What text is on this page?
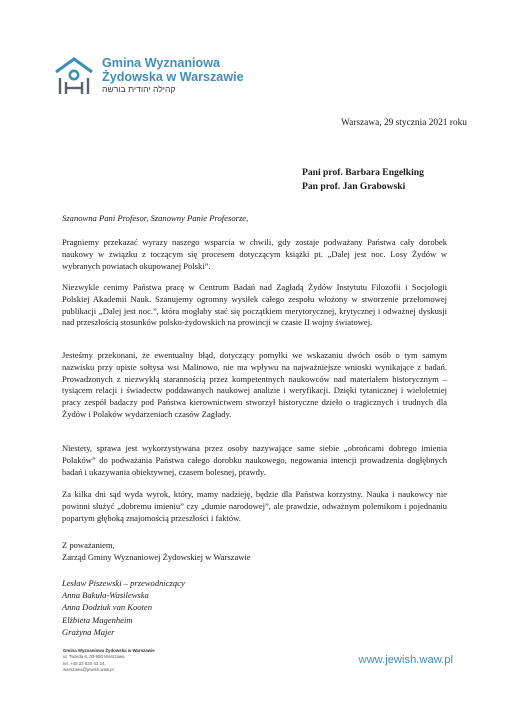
Gmina Wyznaniowa
Żydowska w Warszawie
קהילה יהודית בורשה
Warszawa, 29 stycznia 2021 roku
Pani prof. Barbara Engelking
Pan prof. Jan Grabowski
Szanowna Pani Profesor, Szanowny Panie Profesorze,

Pragniemy przekazać wyrazy naszego wsparcia w chwili, gdy zostaje podważany Państwa cały dorobek naukowy w związku z toczącym się procesem dotyczącym książki pt. „Dalej jest noc. Losy Żydów w wybranych powiatach okupowanej Polski”.

Niezwykle cenimy Państwa pracę w Centrum Badań nad Zagładą Żydów Instytutu Filozofii i Socjologii Polskiej Akademii Nauk. Szanujemy ogromny wysiłek całego zespołu włożony w stworzenie przełomowej publikacji „Dalej jest noc.”, która mogłaby stać się początkiem merytorycznej, krytycznej i odważnej dyskusji nad przeszłością stosunków polsko-żydowskich na prowincji w czasie II wojny światowej.

Jesteśmy przekonani, że ewentualny błąd, dotyczący pomyłki we wskazaniu dwóch osób o tym samym nazwisku przy opisie sołtysa wsi Malinowo, nie ma wpływu na najważniejsze wnioski wynikające z badań. Prowadzonych z niezwykłą starannością przez kompetentnych naukowców nad materiałem historycznym – tysiącem relacji i świadectw poddawanych naukowej analizie i weryfikacji. Dzięki tytanicznej i wieloletniej pracy zespół badaczy pod Państwa kierownictwem stworzył historyczne dzieło o tragicznych i trudnych dla Żydów i Polaków wydarzeniach czasów Zagłady.

Niestety, sprawa jest wykorzystywana przez osoby nazywające same siebie „obrońcami dobrego imienia Polaków” do podważania Państwa całego dorobku naukowego, negowania intencji prowadzenia dogłębnych badań i ukazywania obiektywnej, czasem bolesnej, prawdy.

Za kilka dni sąd wyda wyrok, który, mamy nadzieję, będzie dla Państwa korzystny. Nauka i naukowcy nie powinni służyć „dobremu imieniu” czy „dumie narodowej”, ale prawdzie, odważnym polemikom i pojednaniu popartym głęboką znajomością przeszłości i faktów.

Z poważaniem,
Zarząd Gminy Wyznaniowej Żydowskiej w Warszawie
Lesław Piszewski – przewodniczący
Anna Bakuła-Wasilewska
Anna Dodziuk van Kooten
Elżbieta Magenheim
Grażyna Majer
Gmina Wyznaniowa Żydowska w Warszawie
ul. Twarda 6, 00-950 Warszawa,
tel. +48 22 620 43 24,
warszawa@jewish.waw.pl
www.jewish.waw.pl
